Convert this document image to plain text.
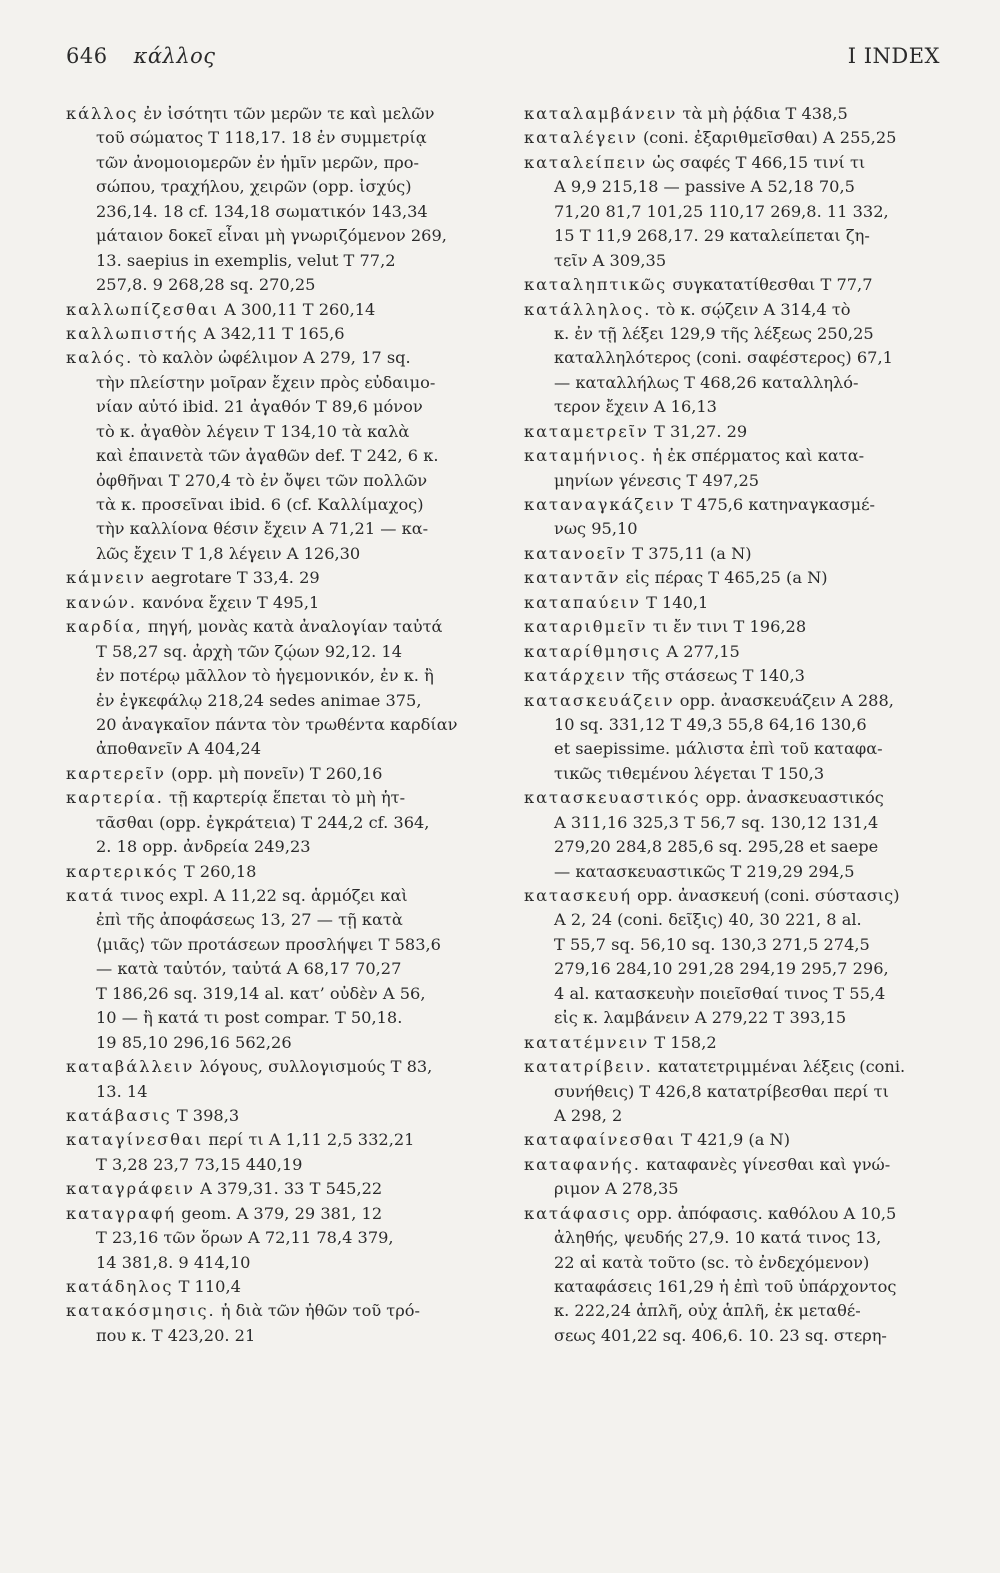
646 κάλλος	I INDEX
κάλλος ἐν ἰσότητι τῶν μερῶν τε καὶ μελῶν
τοῦ σώματος T 118,17. 18 ἐν συμμετρίᾳ
τῶν ἀνομοιομερῶν ἐν ἡμῖν μερῶν, προ-
σώπου, τραχήλου, χειρῶν (opp. ἰσχύς)
236,14. 18 cf. 134,18 σωματικόν 143,34
μάταιον δοκεῖ εἶναι μὴ γνωριζόμενον 269,
13. saepius in exemplis, velut T 77,2
257,8. 9 268,28 sq. 270,25
καλλωπίζεσθαι A 300,11 T 260,14
καλλωπιστής A 342,11 T 165,6
καλός. τὸ καλὸν ὠφέλιμον A 279, 17 sq.
τὴν πλείστην μοῖραν ἔχειν πρὸς εὐδαιμο-
νίαν αὐτό ibid. 21 ἀγαθόν T 89,6 μόνον
τὸ κ. ἀγαθὸν λέγειν T 134,10 τὰ καλὰ
καὶ ἐπαινετὰ τῶν ἀγαθῶν def. T 242, 6 κ.
ὀφθῆναι T 270,4 τὸ ἐν ὄψει τῶν πολλῶν
τὰ κ. προσεῖναι ibid. 6 (cf. Καλλίμαχος)
τὴν καλλίονα θέσιν ἔχειν A 71,21 — κα-
λῶς ἔχειν T 1,8 λέγειν A 126,30
κάμνειν aegrotare T 33,4. 29
κανών. κανόνα ἔχειν T 495,1
καρδία, πηγή, μονὰς κατὰ ἀναλογίαν ταὐτά
T 58,27 sq. ἀρχὴ τῶν ζῴων 92,12. 14
ἐν ποτέρῳ μᾶλλον τὸ ἡγεμονικόν, ἐν κ. ἢ
ἐν ἐγκεφάλῳ 218,24 sedes animae 375,
20 ἀναγκαῖον πάντα τὸν τρωθέντα καρδίαν
ἀποθανεῖν A 404,24
καρτερεῖν (opp. μὴ πονεῖν) T 260,16
καρτερία. τῇ καρτερίᾳ ἕπεται τὸ μὴ ἡτ-
τᾶσθαι (opp. ἐγκράτεια) T 244,2 cf. 364,
2. 18 opp. ἀνδρεία 249,23
καρτερικός T 260,18
κατά τινος expl. A 11,22 sq. ἁρμόζει καὶ
ἐπὶ τῆς ἀποφάσεως 13, 27 — τῇ κατὰ
⟨μιᾶς⟩ τῶν προτάσεων προσλήψει T 583,6
— κατὰ ταὐτόν, ταὐτά A 68,17 70,27
T 186,26 sq. 319,14 al. κατ’ οὐδὲν A 56,
10 — ἢ κατά τι post compar. T 50,18.
19 85,10 296,16 562,26
καταβάλλειν λόγους, συλλογισμούς T 83,
13. 14
κατάβασις T 398,3
καταγίνεσθαι περί τι A 1,11 2,5 332,21
T 3,28 23,7 73,15 440,19
καταγράφειν A 379,31. 33 T 545,22
καταγραφή geom. A 379, 29 381, 12
T 23,16 τῶν ὅρων A 72,11 78,4 379,
14 381,8. 9 414,10
κατάδηλος T 110,4
κατακόσμησις. ἡ διὰ τῶν ἠθῶν τοῦ τρό-
που κ. T 423,20. 21
καταλαμβάνειν τὰ μὴ ῥᾴδια T 438,5
καταλέγειν (coni. ἐξαριθμεῖσθαι) A 255,25
καταλείπειν ὡς σαφές T 466,15 τινί τι
A 9,9 215,18 — passive A 52,18 70,5
71,20 81,7 101,25 110,17 269,8. 11 332,
15 T 11,9 268,17. 29 καταλείπεται ζη-
τεῖν A 309,35
καταληπτικῶς συγκατατίθεσθαι T 77,7
κατάλληλος. τὸ κ. σῴζειν A 314,4 τὸ
κ. ἐν τῇ λέξει 129,9 τῆς λέξεως 250,25
καταλληλότερος (coni. σαφέστερος) 67,1
— καταλλήλως T 468,26 καταλληλό-
τερον ἔχειν A 16,13
καταμετρεῖν T 31,27. 29
καταμήνιος. ἡ ἐκ σπέρματος καὶ κατα-
μηνίων γένεσις T 497,25
καταναγκάζειν T 475,6 κατηναγκασμέ-
νως 95,10
κατανοεῖν T 375,11 (a N)
καταντᾶν εἰς πέρας T 465,25 (a N)
καταπαύειν T 140,1
καταριθμεῖν τι ἔν τινι T 196,28
καταρίθμησις A 277,15
κατάρχειν τῆς στάσεως T 140,3
κατασκευάζειν opp. ἀνασκευάζειν A 288,
10 sq. 331,12 T 49,3 55,8 64,16 130,6
et saepissime. μάλιστα ἐπὶ τοῦ καταφα-
τικῶς τιθεμένου λέγεται T 150,3
κατασκευαστικός opp. ἀνασκευαστικός
A 311,16 325,3 T 56,7 sq. 130,12 131,4
279,20 284,8 285,6 sq. 295,28 et saepe
— κατασκευαστικῶς T 219,29 294,5
κατασκευή opp. ἀνασκευή (coni. σύστασις)
A 2, 24 (coni. δεῖξις) 40, 30 221, 8 al.
T 55,7 sq. 56,10 sq. 130,3 271,5 274,5
279,16 284,10 291,28 294,19 295,7 296,
4 al. κατασκευὴν ποιεῖσθαί τινος T 55,4
εἰς κ. λαμβάνειν A 279,22 T 393,15
κατατέμνειν T 158,2
κατατρίβειν. κατατετριμμέναι λέξεις (coni.
συνήθεις) T 426,8 κατατρίβεσθαι περί τι
A 298, 2
καταφαίνεσθαι T 421,9 (a N)
καταφανής. καταφανὲς γίνεσθαι καὶ γνώ-
ριμον A 278,35
κατάφασις opp. ἀπόφασις. καθόλου A 10,5
ἀληθής, ψευδής 27,9. 10 κατά τινος 13,
22 αἱ κατὰ τοῦτο (sc. τὸ ἐνδεχόμενον)
καταφάσεις 161,29 ἡ ἐπὶ τοῦ ὑπάρχοντος
κ. 222,24 ἁπλῆ, οὐχ ἁπλῆ, ἐκ μεταθέ-
σεως 401,22 sq. 406,6. 10. 23 sq. στερη-
